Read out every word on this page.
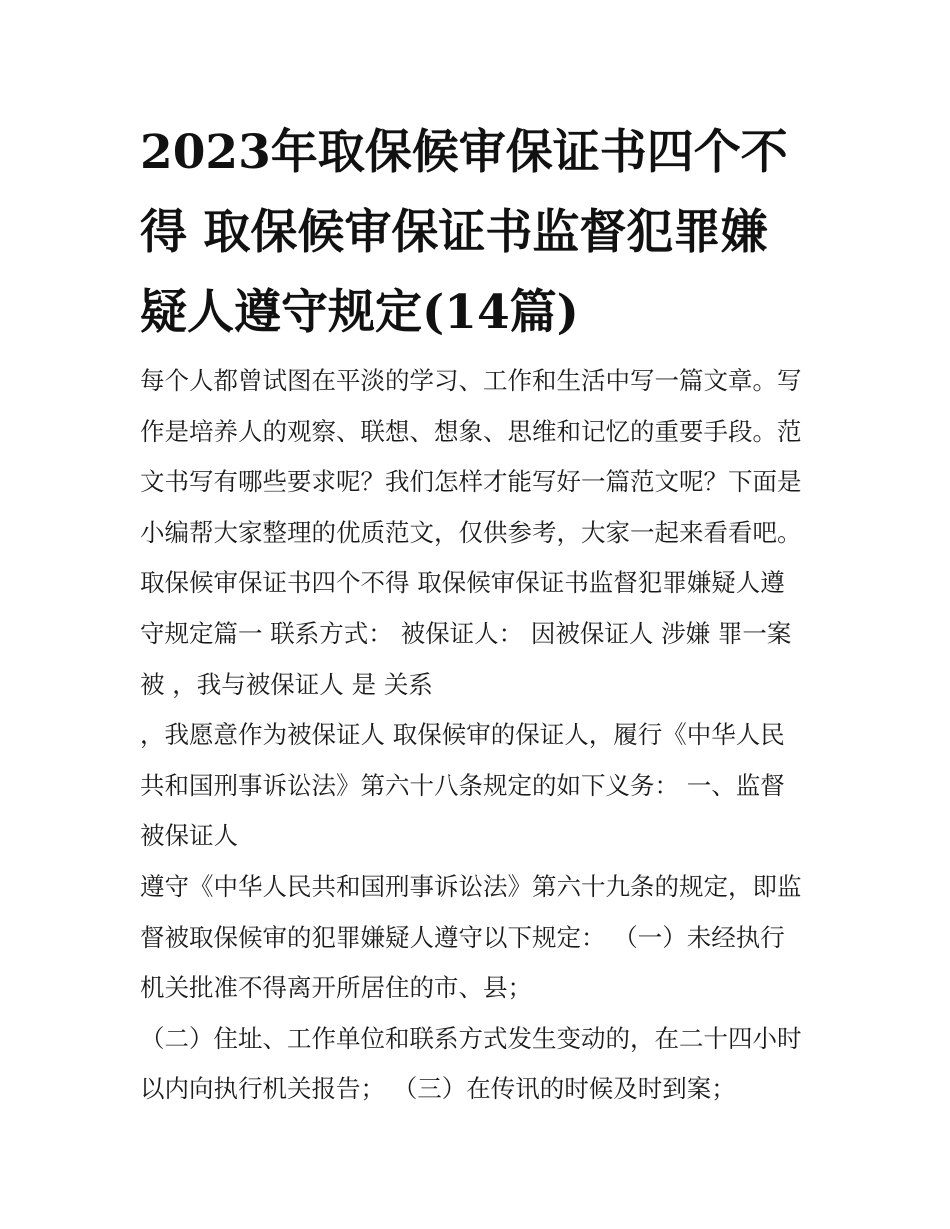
2023年取保候审保证书四个不
得 取保候审保证书监督犯罪嫌
疑人遵守规定(14篇)
每个人都曾试图在平淡的学习、工作和生活中写一篇文章。写
作是培养人的观察、联想、想象、思维和记忆的重要手段。范
文书写有哪些要求呢？我们怎样才能写好一篇范文呢？下面是
小编帮大家整理的优质范文，仅供参考，大家一起来看看吧。
取保候审保证书四个不得 取保候审保证书监督犯罪嫌疑人遵
守规定篇一 联系方式： 被保证人： 因被保证人 涉嫌 罪一案
被 ，我与被保证人 是 关系
，我愿意作为被保证人 取保候审的保证人，履行《中华人民
共和国刑事诉讼法》第六十八条规定的如下义务： 一、监督
被保证人
遵守《中华人民共和国刑事诉讼法》第六十九条的规定，即监
督被取保候审的犯罪嫌疑人遵守以下规定： （一）未经执行
机关批准不得离开所居住的市、县；
（二）住址、工作单位和联系方式发生变动的，在二十四小时
以内向执行机关报告； （三）在传讯的时候及时到案；
